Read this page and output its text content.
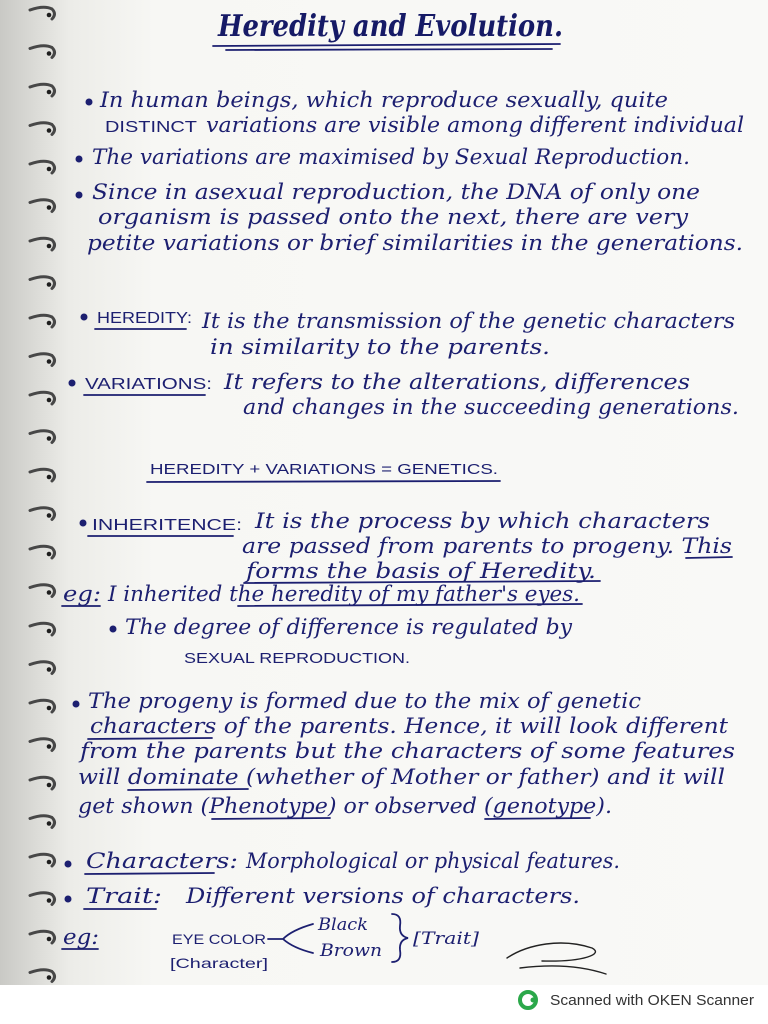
Heredity and Evolution.
In human beings, which reproduce sexually, quite
DISTINCT variations are visible among different individual
The variations are maximised by Sexual Reproduction.
Since in asexual reproduction, the DNA of only one
organism is passed onto the next, there are very
petite variations or brief similarities in the generations.
HEREDITY: It is the transmission of the genetic characters
in similarity to the parents.
VARIATIONS: It refers to the alterations, differences
and changes in the succeeding generations.
HEREDITY + VARIATIONS = GENETICS.
INHERITENCE: It is the process by which characters
are passed from parents to progeny. This
forms the basis of Heredity.
eg: I inherited the heredity of my father's eyes.
The degree of difference is regulated by
SEXUAL REPRODUCTION.
The progeny is formed due to the mix of genetic
characters of the parents. Hence, it will look different
from the parents but the characters of some features
will dominate (whether of Mother or father) and it will
get shown (Phenotype) or observed (genotype).
Characters: Morphological or physical features.
Trait: Different versions of characters.
eg:	EYE COLOR
[Character]
Black
Brown
[Trait]
Scanned with OKEN Scanner
